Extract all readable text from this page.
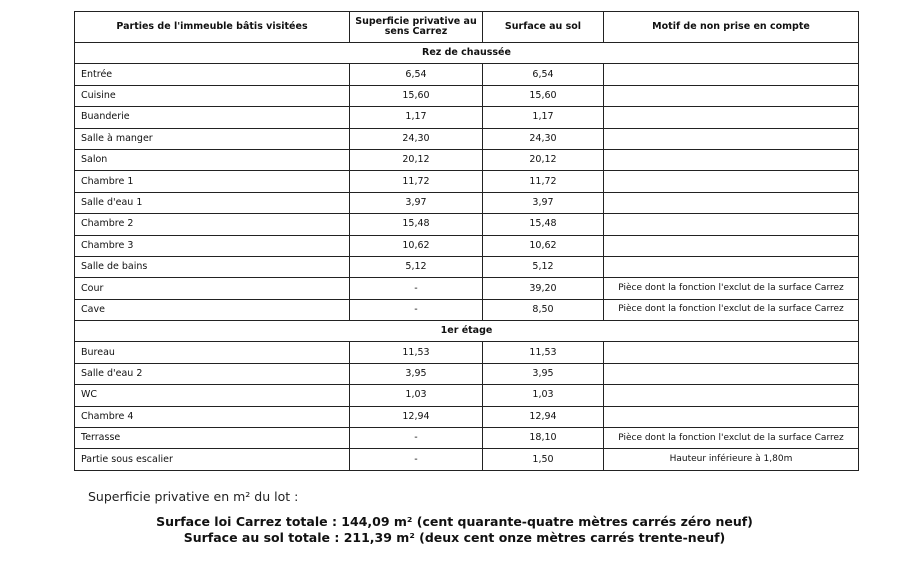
Parties de l'immeuble bâtis visitées	Superficie privative au sens Carrez	Surface au sol	Motif de non prise en compte
Rez de chaussée			
Entrée	6,54	6,54	
Cuisine	15,60	15,60	
Buanderie	1,17	1,17	
Salle à manger	24,30	24,30	
Salon	20,12	20,12	
Chambre 1	11,72	11,72	
Salle d'eau 1	3,97	3,97	
Chambre 2	15,48	15,48	
Chambre 3	10,62	10,62	
Salle de bains	5,12	5,12	
Cour	-	39,20	Pièce dont la fonction l'exclut de la surface Carrez
Cave	-	8,50	Pièce dont la fonction l'exclut de la surface Carrez
1er étage			
Bureau	11,53	11,53	
Salle d'eau 2	3,95	3,95	
WC	1,03	1,03	
Chambre 4	12,94	12,94	
Terrasse	-	18,10	Pièce dont la fonction l'exclut de la surface Carrez
Partie sous escalier	-	1,50	Hauteur inférieure à 1,80m
Superficie privative en m² du lot :
Surface loi Carrez totale : 144,09 m² (cent quarante-quatre mètres carrés zéro neuf)
Surface au sol totale : 211,39 m² (deux cent onze mètres carrés trente-neuf)
